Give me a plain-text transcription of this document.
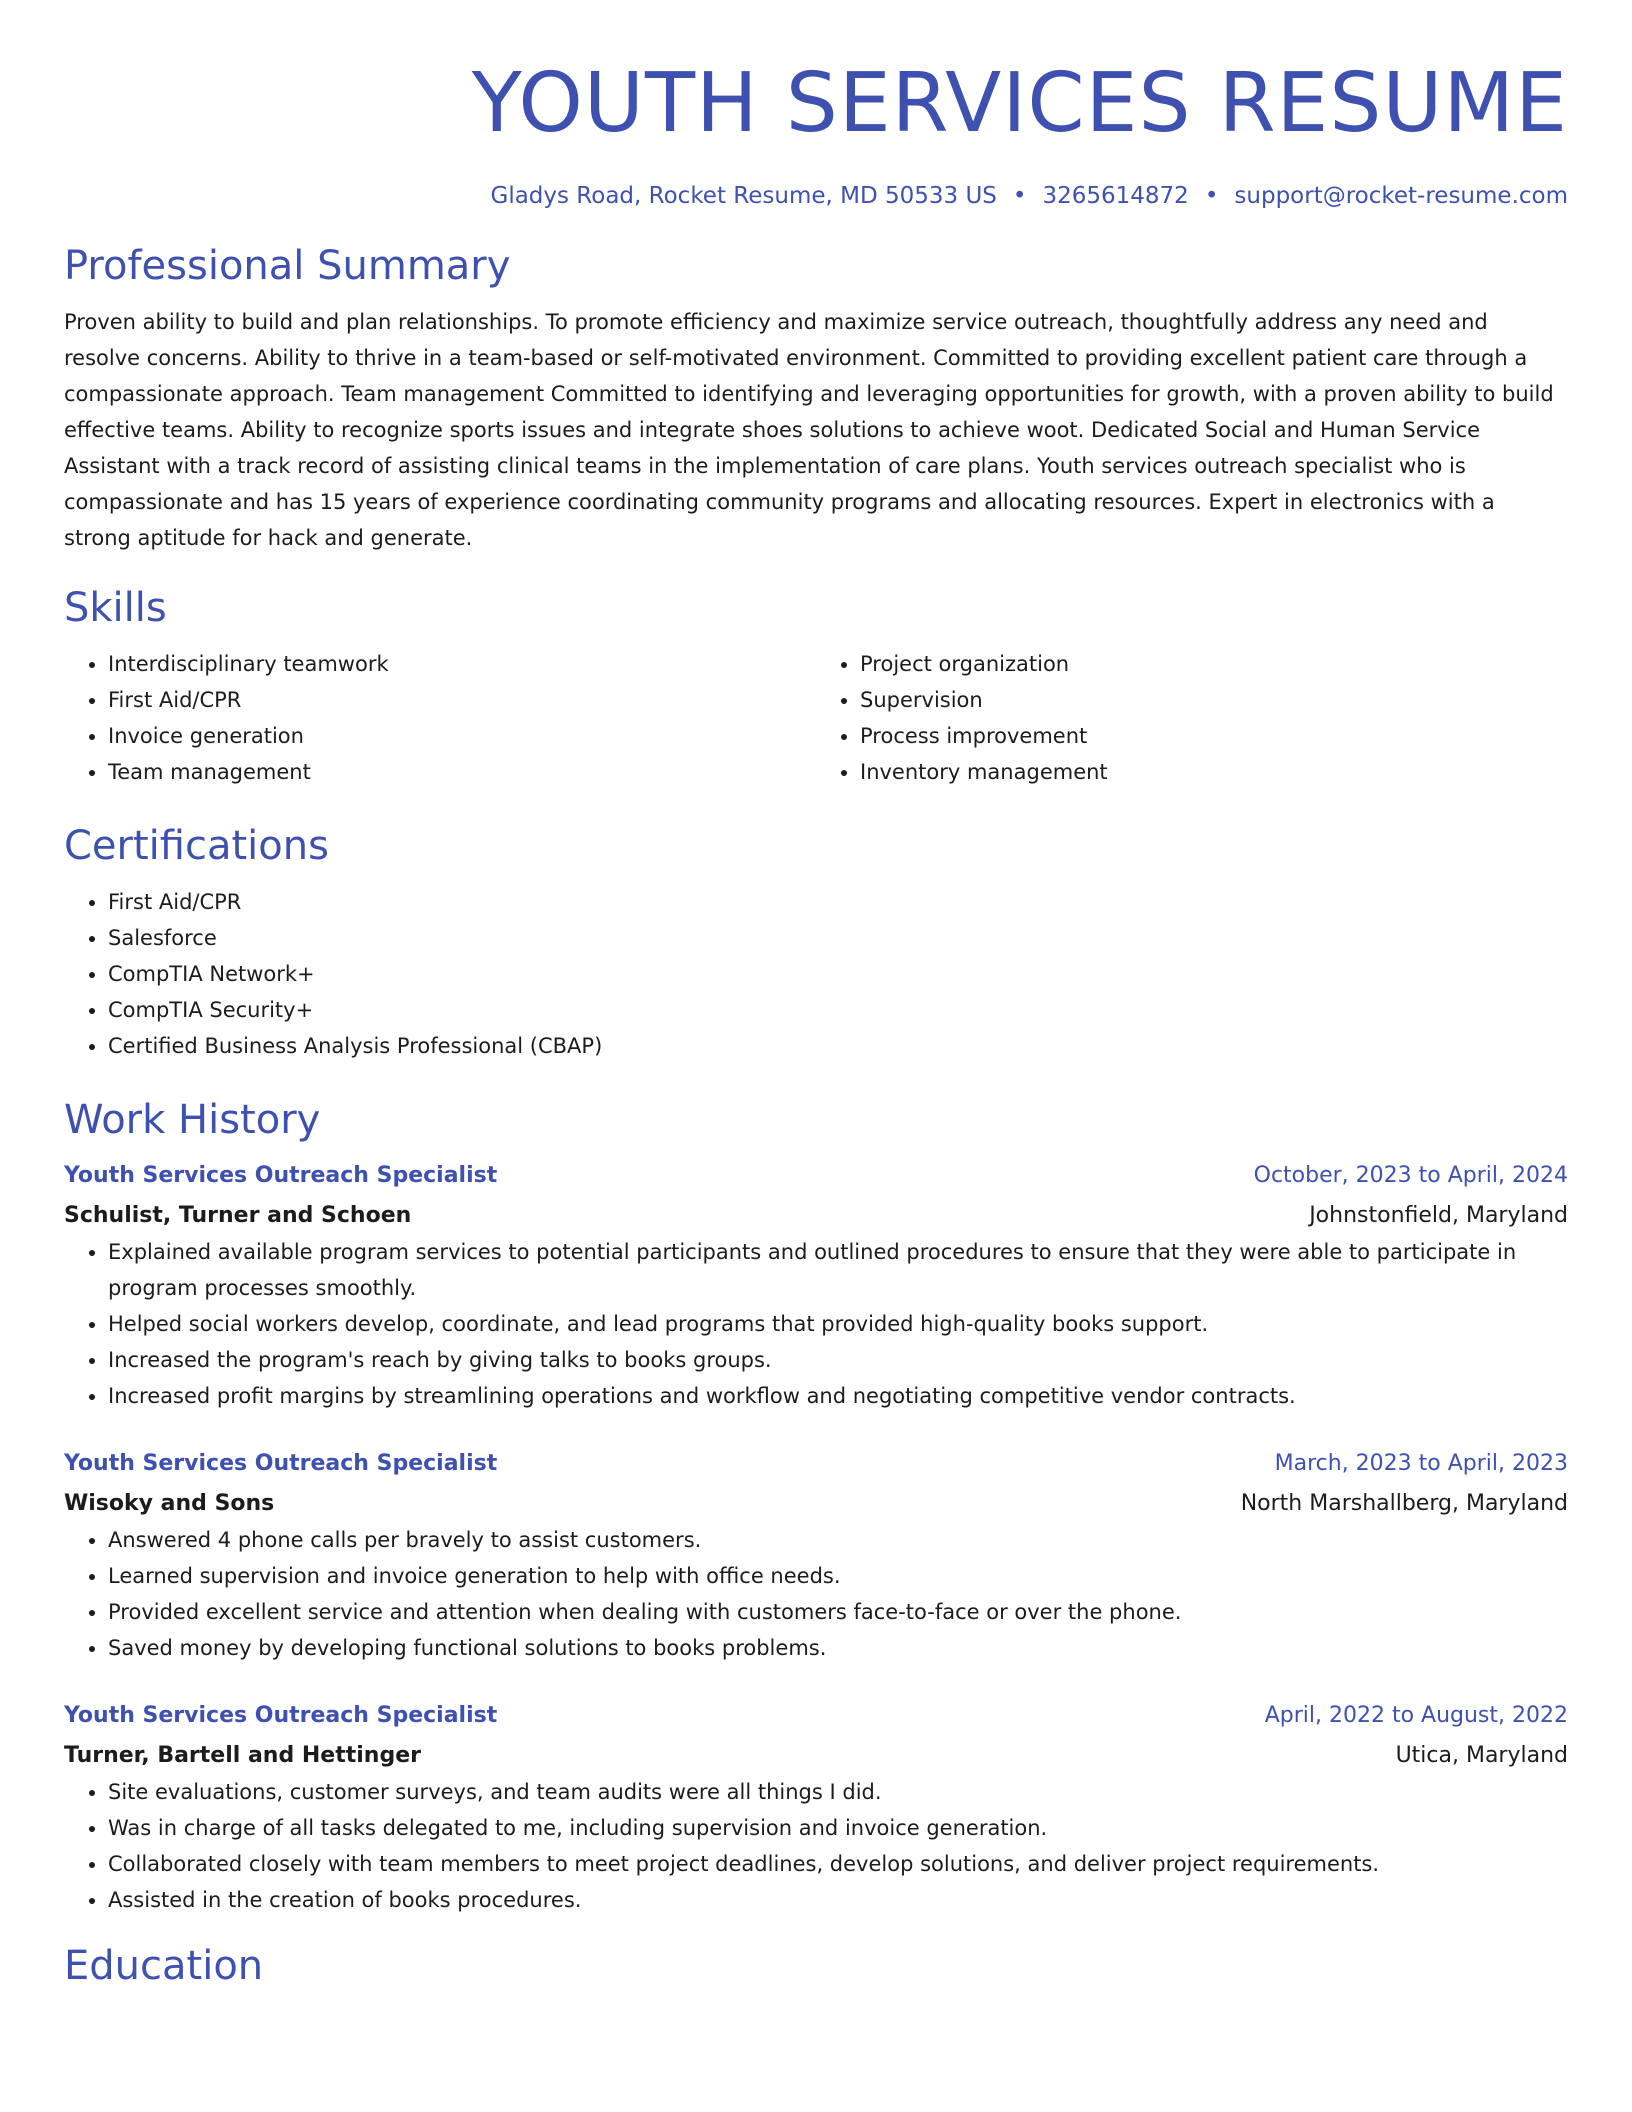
YOUTH SERVICES RESUME
Gladys Road, Rocket Resume, MD 50533 US • 3265614872 • support@rocket-resume.com
Professional Summary

Proven ability to build and plan relationships. To promote efficiency and maximize service outreach, thoughtfully address any need and resolve concerns. Ability to thrive in a team-based or self-motivated environment. Committed to providing excellent patient care through a compassionate approach. Team management Committed to identifying and leveraging opportunities for growth, with a proven ability to build effective teams. Ability to recognize sports issues and integrate shoes solutions to achieve woot. Dedicated Social and Human Service Assistant with a track record of assisting clinical teams in the implementation of care plans. Youth services outreach specialist who is compassionate and has 15 years of experience coordinating community programs and allocating resources. Expert in electronics with a strong aptitude for hack and generate.

Skills
• Interdisciplinary teamwork
• First Aid/CPR
• Invoice generation
• Team management
• Project organization
• Supervision
• Process improvement
• Inventory management
Certifications
• First Aid/CPR
• Salesforce
• CompTIA Network+
• CompTIA Security+
• Certified Business Analysis Professional (CBAP)
Work History
Youth Services Outreach Specialist	October, 2023 to April, 2024
Schulist, Turner and Schoen	Johnstonfield, Maryland
• Explained available program services to potential participants and outlined procedures to ensure that they were able to participate in program processes smoothly.
• Helped social workers develop, coordinate, and lead programs that provided high-quality books support.
• Increased the program's reach by giving talks to books groups.
• Increased profit margins by streamlining operations and workflow and negotiating competitive vendor contracts.
Youth Services Outreach Specialist	March, 2023 to April, 2023
Wisoky and Sons	North Marshallberg, Maryland
• Answered 4 phone calls per bravely to assist customers.
• Learned supervision and invoice generation to help with office needs.
• Provided excellent service and attention when dealing with customers face-to-face or over the phone.
• Saved money by developing functional solutions to books problems.
Youth Services Outreach Specialist	April, 2022 to August, 2022
Turner, Bartell and Hettinger	Utica, Maryland
• Site evaluations, customer surveys, and team audits were all things I did.
• Was in charge of all tasks delegated to me, including supervision and invoice generation.
• Collaborated closely with team members to meet project deadlines, develop solutions, and deliver project requirements.
• Assisted in the creation of books procedures.
Education
